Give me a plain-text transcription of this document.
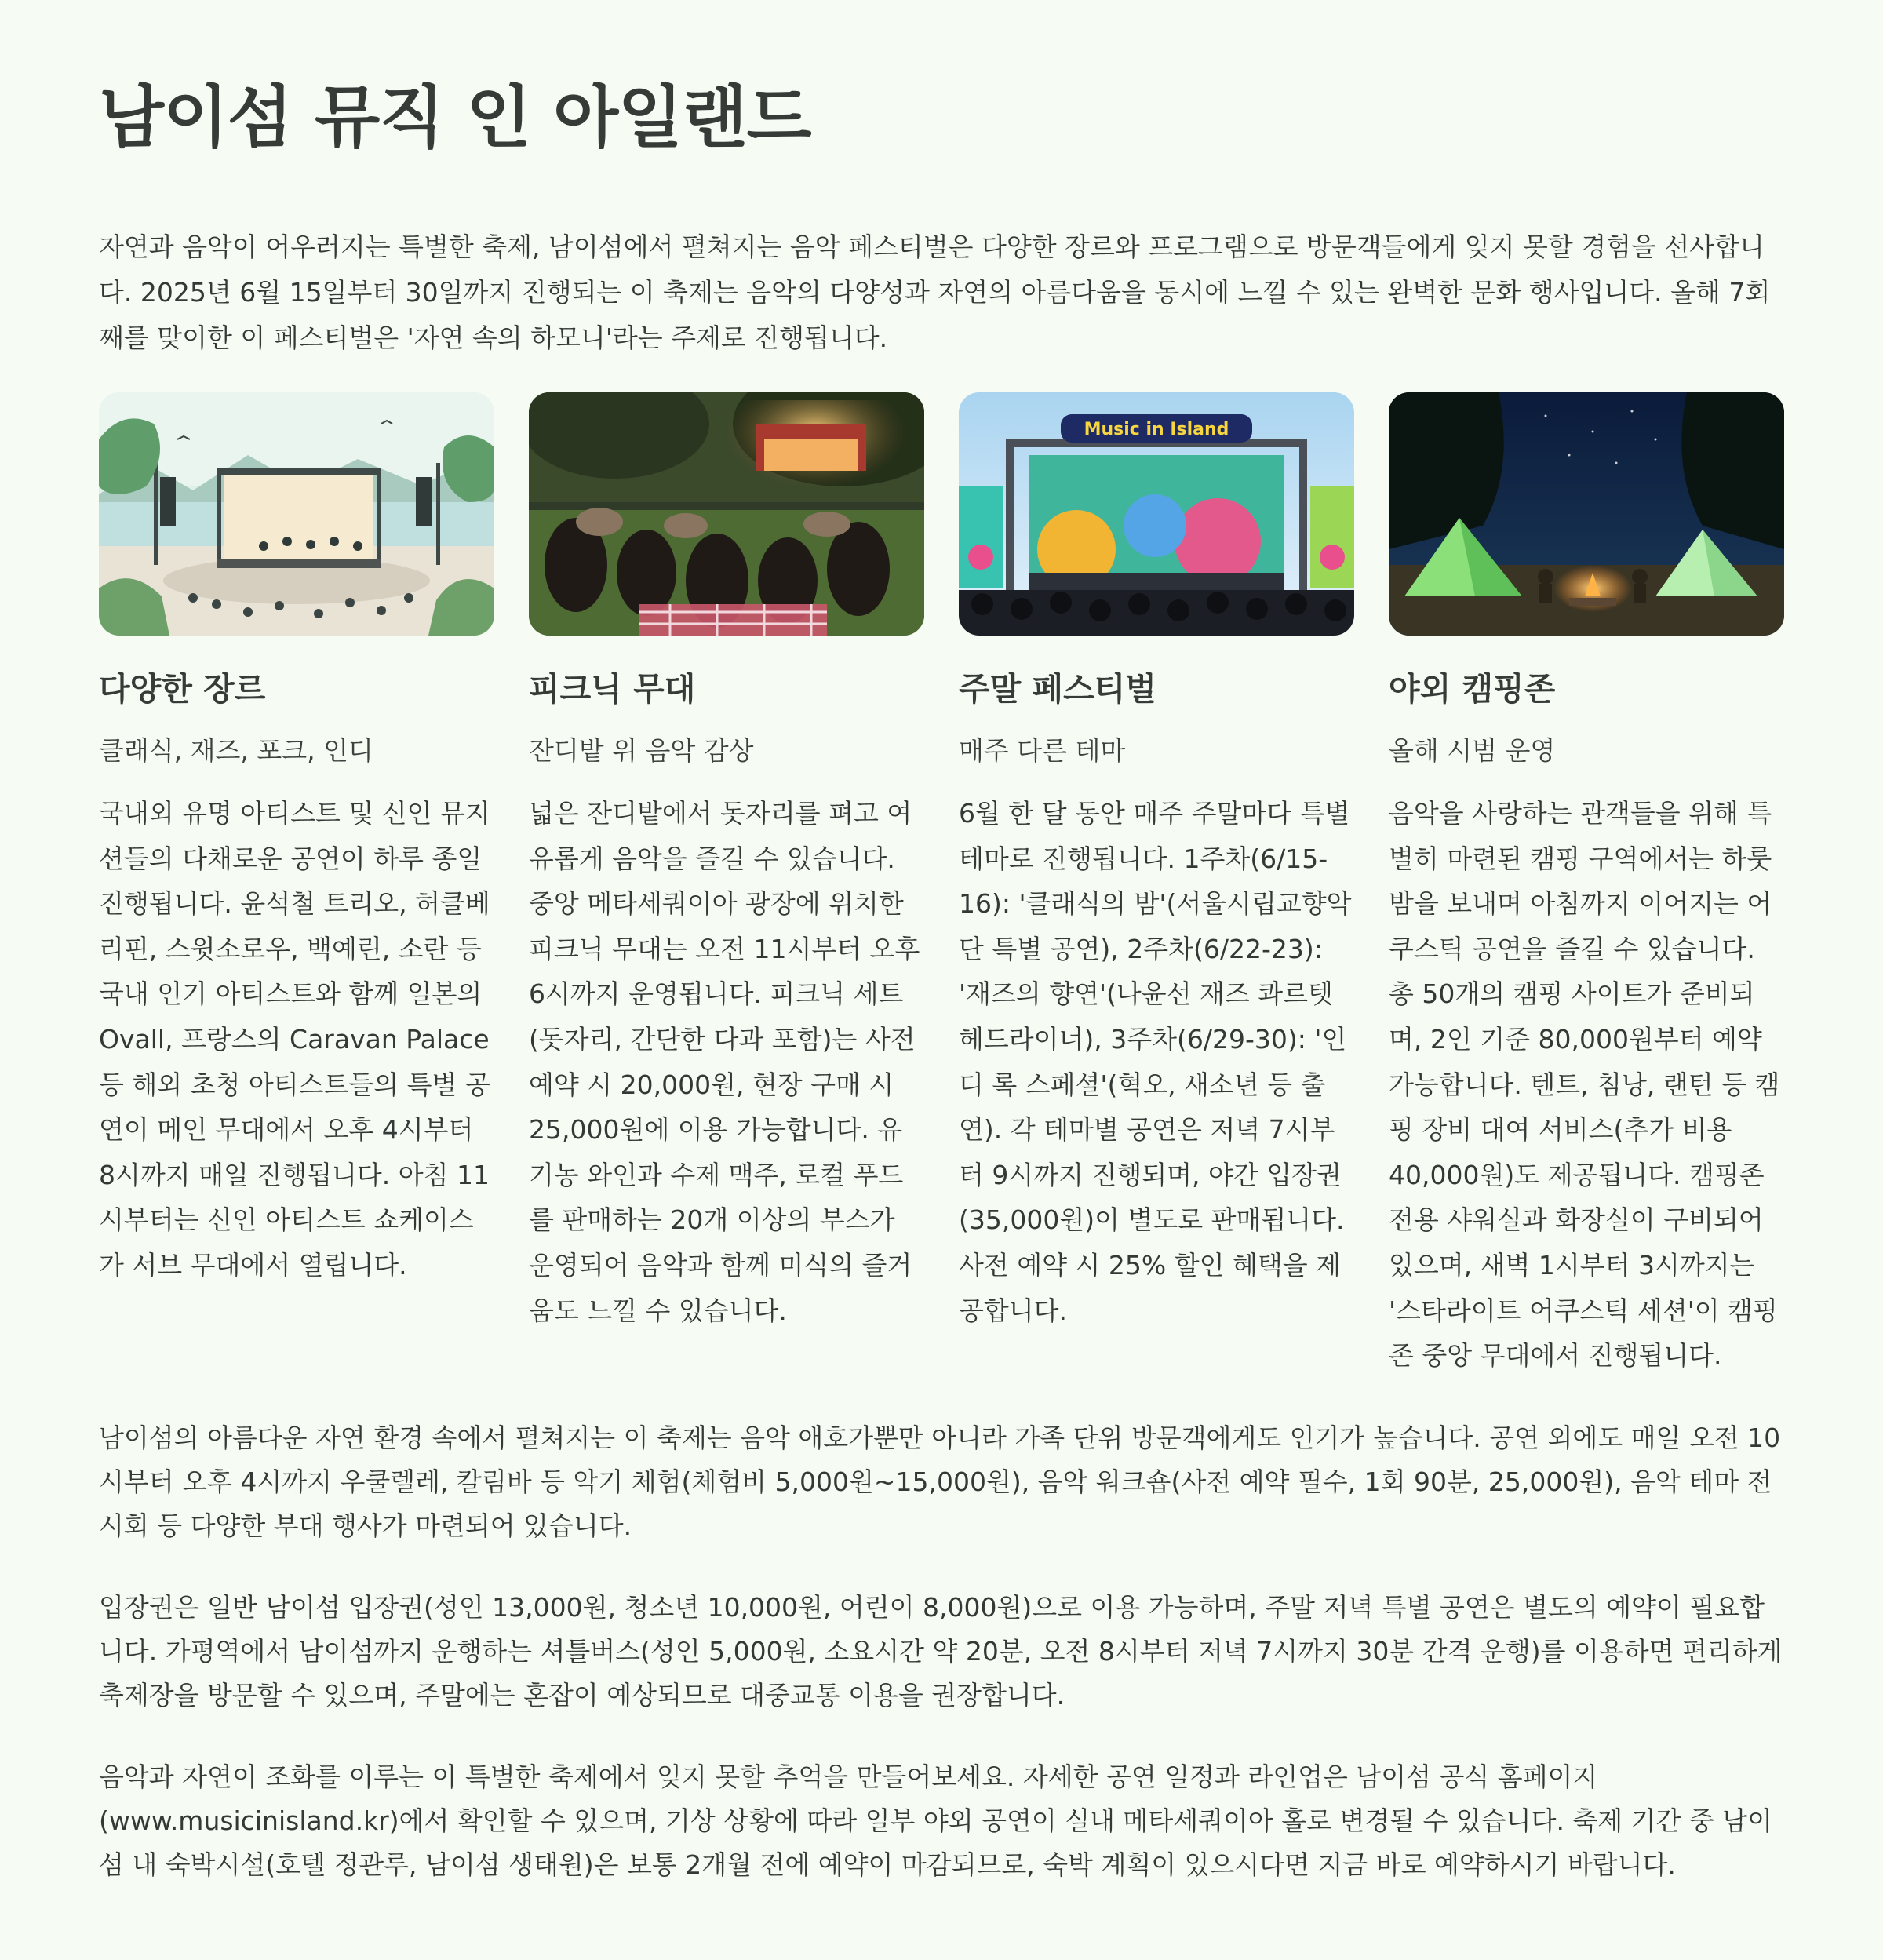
남이섬 뮤직 인 아일랜드

자연과 음악이 어우러지는 특별한 축제, 남이섬에서 펼쳐지는 음악 페스티벌은 다양한 장르와 프로그램으로 방문객들에게 잊지 못할 경험을 선사합니다. 2025년 6월 15일부터 30일까지 진행되는 이 축제는 음악의 다양성과 자연의 아름다움을 동시에 느낄 수 있는 완벽한 문화 행사입니다. 올해 7회째를 맞이한 이 페스티벌은 '자연 속의 하모니'라는 주제로 진행됩니다.

다양한 장르
클래식, 재즈, 포크, 인디

국내외 유명 아티스트 및 신인 뮤지션들의 다채로운 공연이 하루 종일 진행됩니다. 윤석철 트리오, 허클베리핀, 스윗소로우, 백예린, 소란 등 국내 인기 아티스트와 함께 일본의 Ovall, 프랑스의 Caravan Palace 등 해외 초청 아티스트들의 특별 공연이 메인 무대에서 오후 4시부터 8시까지 매일 진행됩니다. 아침 11시부터는 신인 아티스트 쇼케이스가 서브 무대에서 열립니다.

피크닉 무대
잔디밭 위 음악 감상

넓은 잔디밭에서 돗자리를 펴고 여유롭게 음악을 즐길 수 있습니다. 중앙 메타세쿼이아 광장에 위치한 피크닉 무대는 오전 11시부터 오후 6시까지 운영됩니다. 피크닉 세트(돗자리, 간단한 다과 포함)는 사전 예약 시 20,000원, 현장 구매 시 25,000원에 이용 가능합니다. 유기농 와인과 수제 맥주, 로컬 푸드를 판매하는 20개 이상의 부스가 운영되어 음악과 함께 미식의 즐거움도 느낄 수 있습니다.

Music in Island
주말 페스티벌
매주 다른 테마

6월 한 달 동안 매주 주말마다 특별 테마로 진행됩니다. 1주차(6/15-16): '클래식의 밤'(서울시립교향악단 특별 공연), 2주차(6/22-23): '재즈의 향연'(나윤선 재즈 콰르텟 헤드라이너), 3주차(6/29-30): '인디 록 스페셜'(혁오, 새소년 등 출연). 각 테마별 공연은 저녁 7시부터 9시까지 진행되며, 야간 입장권(35,000원)이 별도로 판매됩니다. 사전 예약 시 25% 할인 혜택을 제공합니다.

야외 캠핑존
올해 시범 운영

음악을 사랑하는 관객들을 위해 특별히 마련된 캠핑 구역에서는 하룻밤을 보내며 아침까지 이어지는 어쿠스틱 공연을 즐길 수 있습니다. 총 50개의 캠핑 사이트가 준비되며, 2인 기준 80,000원부터 예약 가능합니다. 텐트, 침낭, 랜턴 등 캠핑 장비 대여 서비스(추가 비용 40,000원)도 제공됩니다. 캠핑존 전용 샤워실과 화장실이 구비되어 있으며, 새벽 1시부터 3시까지는 '스타라이트 어쿠스틱 세션'이 캠핑존 중앙 무대에서 진행됩니다.

남이섬의 아름다운 자연 환경 속에서 펼쳐지는 이 축제는 음악 애호가뿐만 아니라 가족 단위 방문객에게도 인기가 높습니다. 공연 외에도 매일 오전 10시부터 오후 4시까지 우쿨렐레, 칼림바 등 악기 체험(체험비 5,000원~15,000원), 음악 워크숍(사전 예약 필수, 1회 90분, 25,000원), 음악 테마 전시회 등 다양한 부대 행사가 마련되어 있습니다.

입장권은 일반 남이섬 입장권(성인 13,000원, 청소년 10,000원, 어린이 8,000원)으로 이용 가능하며, 주말 저녁 특별 공연은 별도의 예약이 필요합니다. 가평역에서 남이섬까지 운행하는 셔틀버스(성인 5,000원, 소요시간 약 20분, 오전 8시부터 저녁 7시까지 30분 간격 운행)를 이용하면 편리하게 축제장을 방문할 수 있으며, 주말에는 혼잡이 예상되므로 대중교통 이용을 권장합니다.

음악과 자연이 조화를 이루는 이 특별한 축제에서 잊지 못할 추억을 만들어보세요. 자세한 공연 일정과 라인업은 남이섬 공식 홈페이지(www.musicinisland.kr)에서 확인할 수 있으며, 기상 상황에 따라 일부 야외 공연이 실내 메타세쿼이아 홀로 변경될 수 있습니다. 축제 기간 중 남이섬 내 숙박시설(호텔 정관루, 남이섬 생태원)은 보통 2개월 전에 예약이 마감되므로, 숙박 계획이 있으시다면 지금 바로 예약하시기 바랍니다.
